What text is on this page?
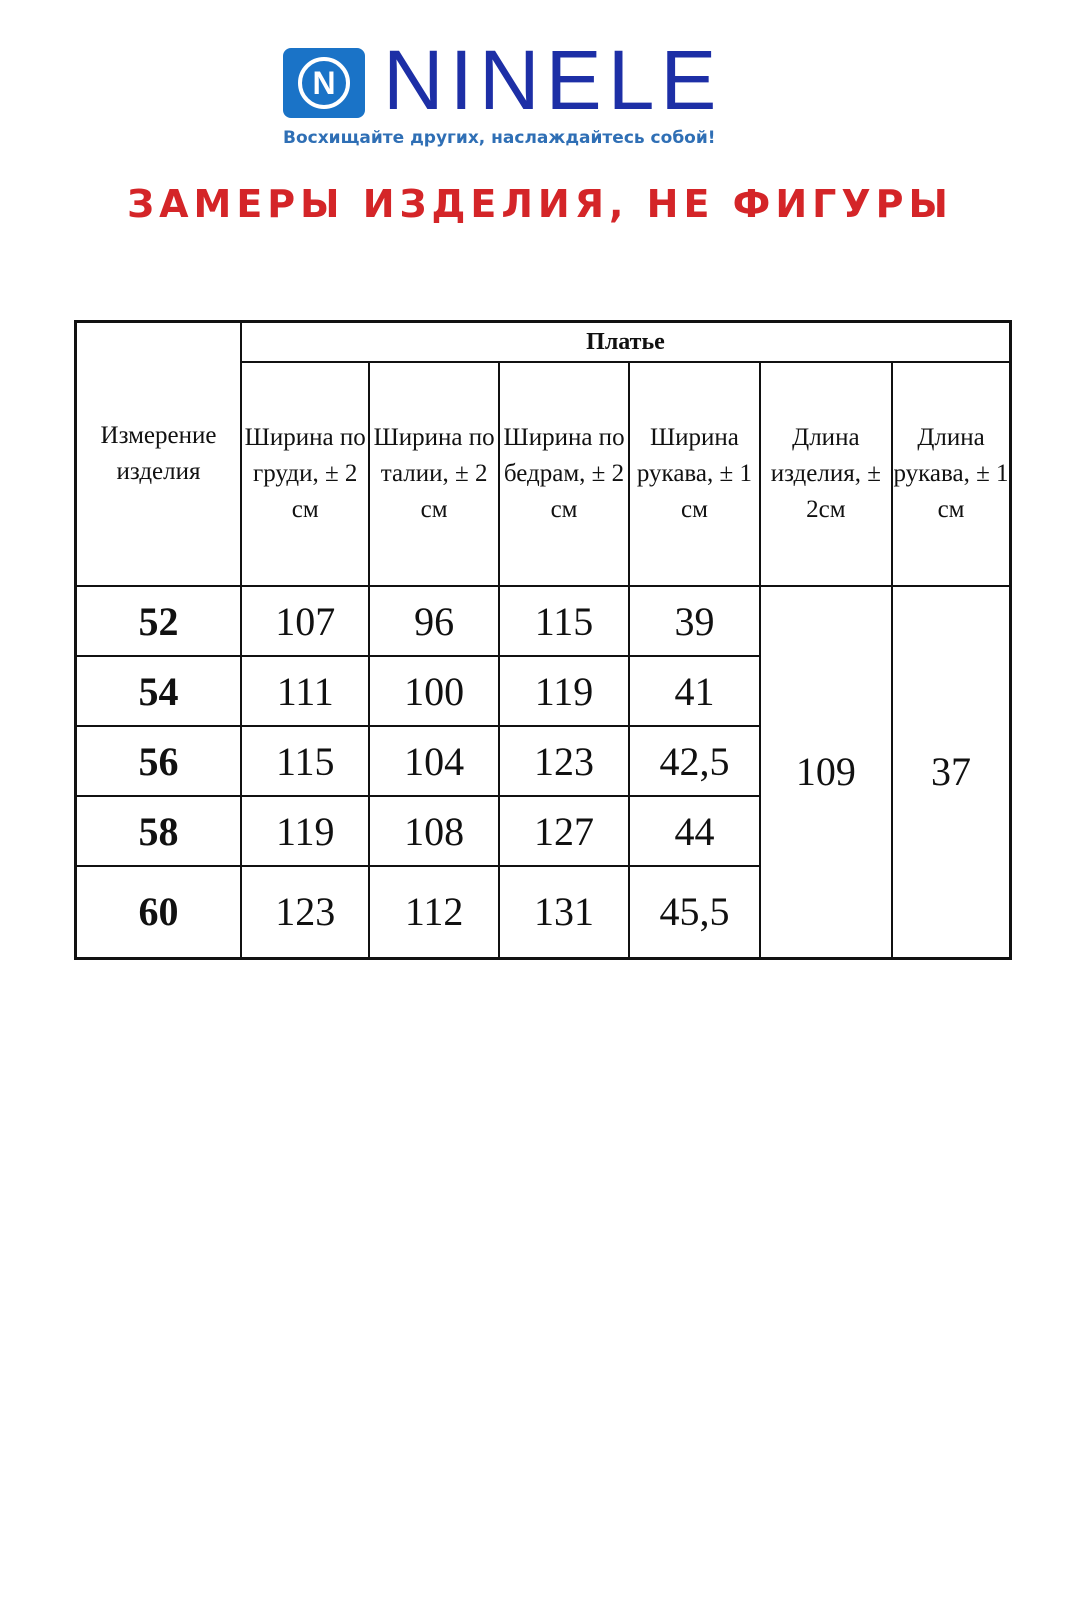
N NINELE
Восхищайте других, наслаждайтесь собой!
ЗАМЕРЫ ИЗДЕЛИЯ, НЕ ФИГУРЫ
Измерение изделия	Платье					
	Ширина по груди, ± 2 см	Ширина по талии, ± 2 см	Ширина по бедрам, ± 2 см	Ширина рукава, ± 1 см	Длина изделия, ± 2см	Длина рукава, ± 1 см
52	107	96	115	39	109	37
54	111	100	119	41		
56	115	104	123	42,5		
58	119	108	127	44		
60	123	112	131	45,5		
